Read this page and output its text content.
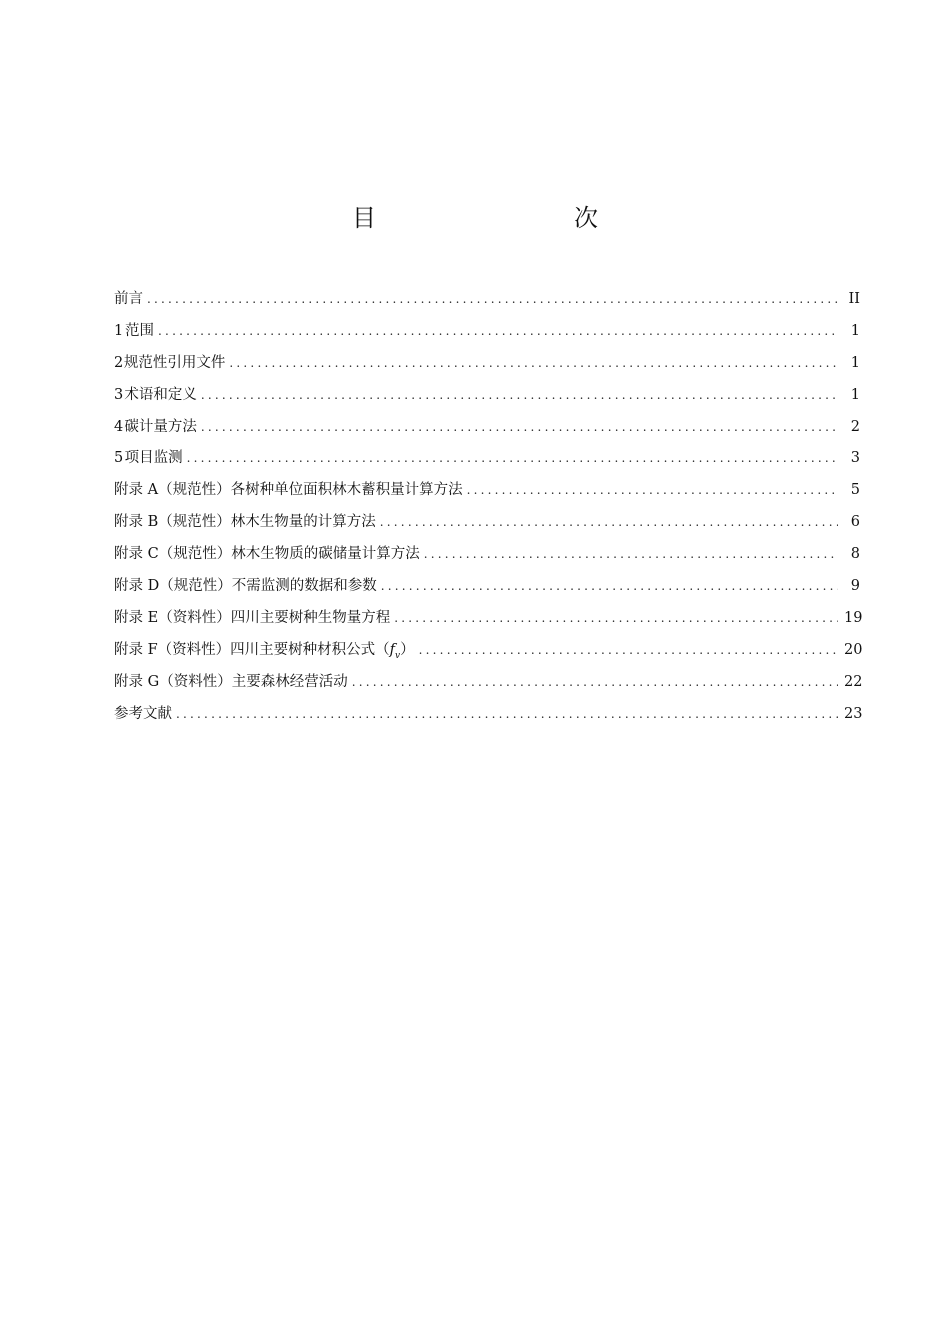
目　　次
前言 .....	II
1 范围 .....	1
2 规范性引用文件 .....	1
3 术语和定义 .....	1
4 碳计量方法 .....	2
5 项目监测 .....	3
附录 A（规范性） 各树种单位面积林木蓄积量计算方法 .....	5
附录 B（规范性） 林木生物量的计算方法 .....	6
附录 C（规范性） 林木生物质的碳储量计算方法 .....	8
附录 D（规范性） 不需监测的数据和参数 .....	9
附录 E（资料性） 四川主要树种生物量方程 .....	19
附录 F（资料性） 四川主要树种材积公式$(f_v)$ .....	20
附录 G（资料性） 主要森林经营活动 .....	22
参考文献 .....	23
